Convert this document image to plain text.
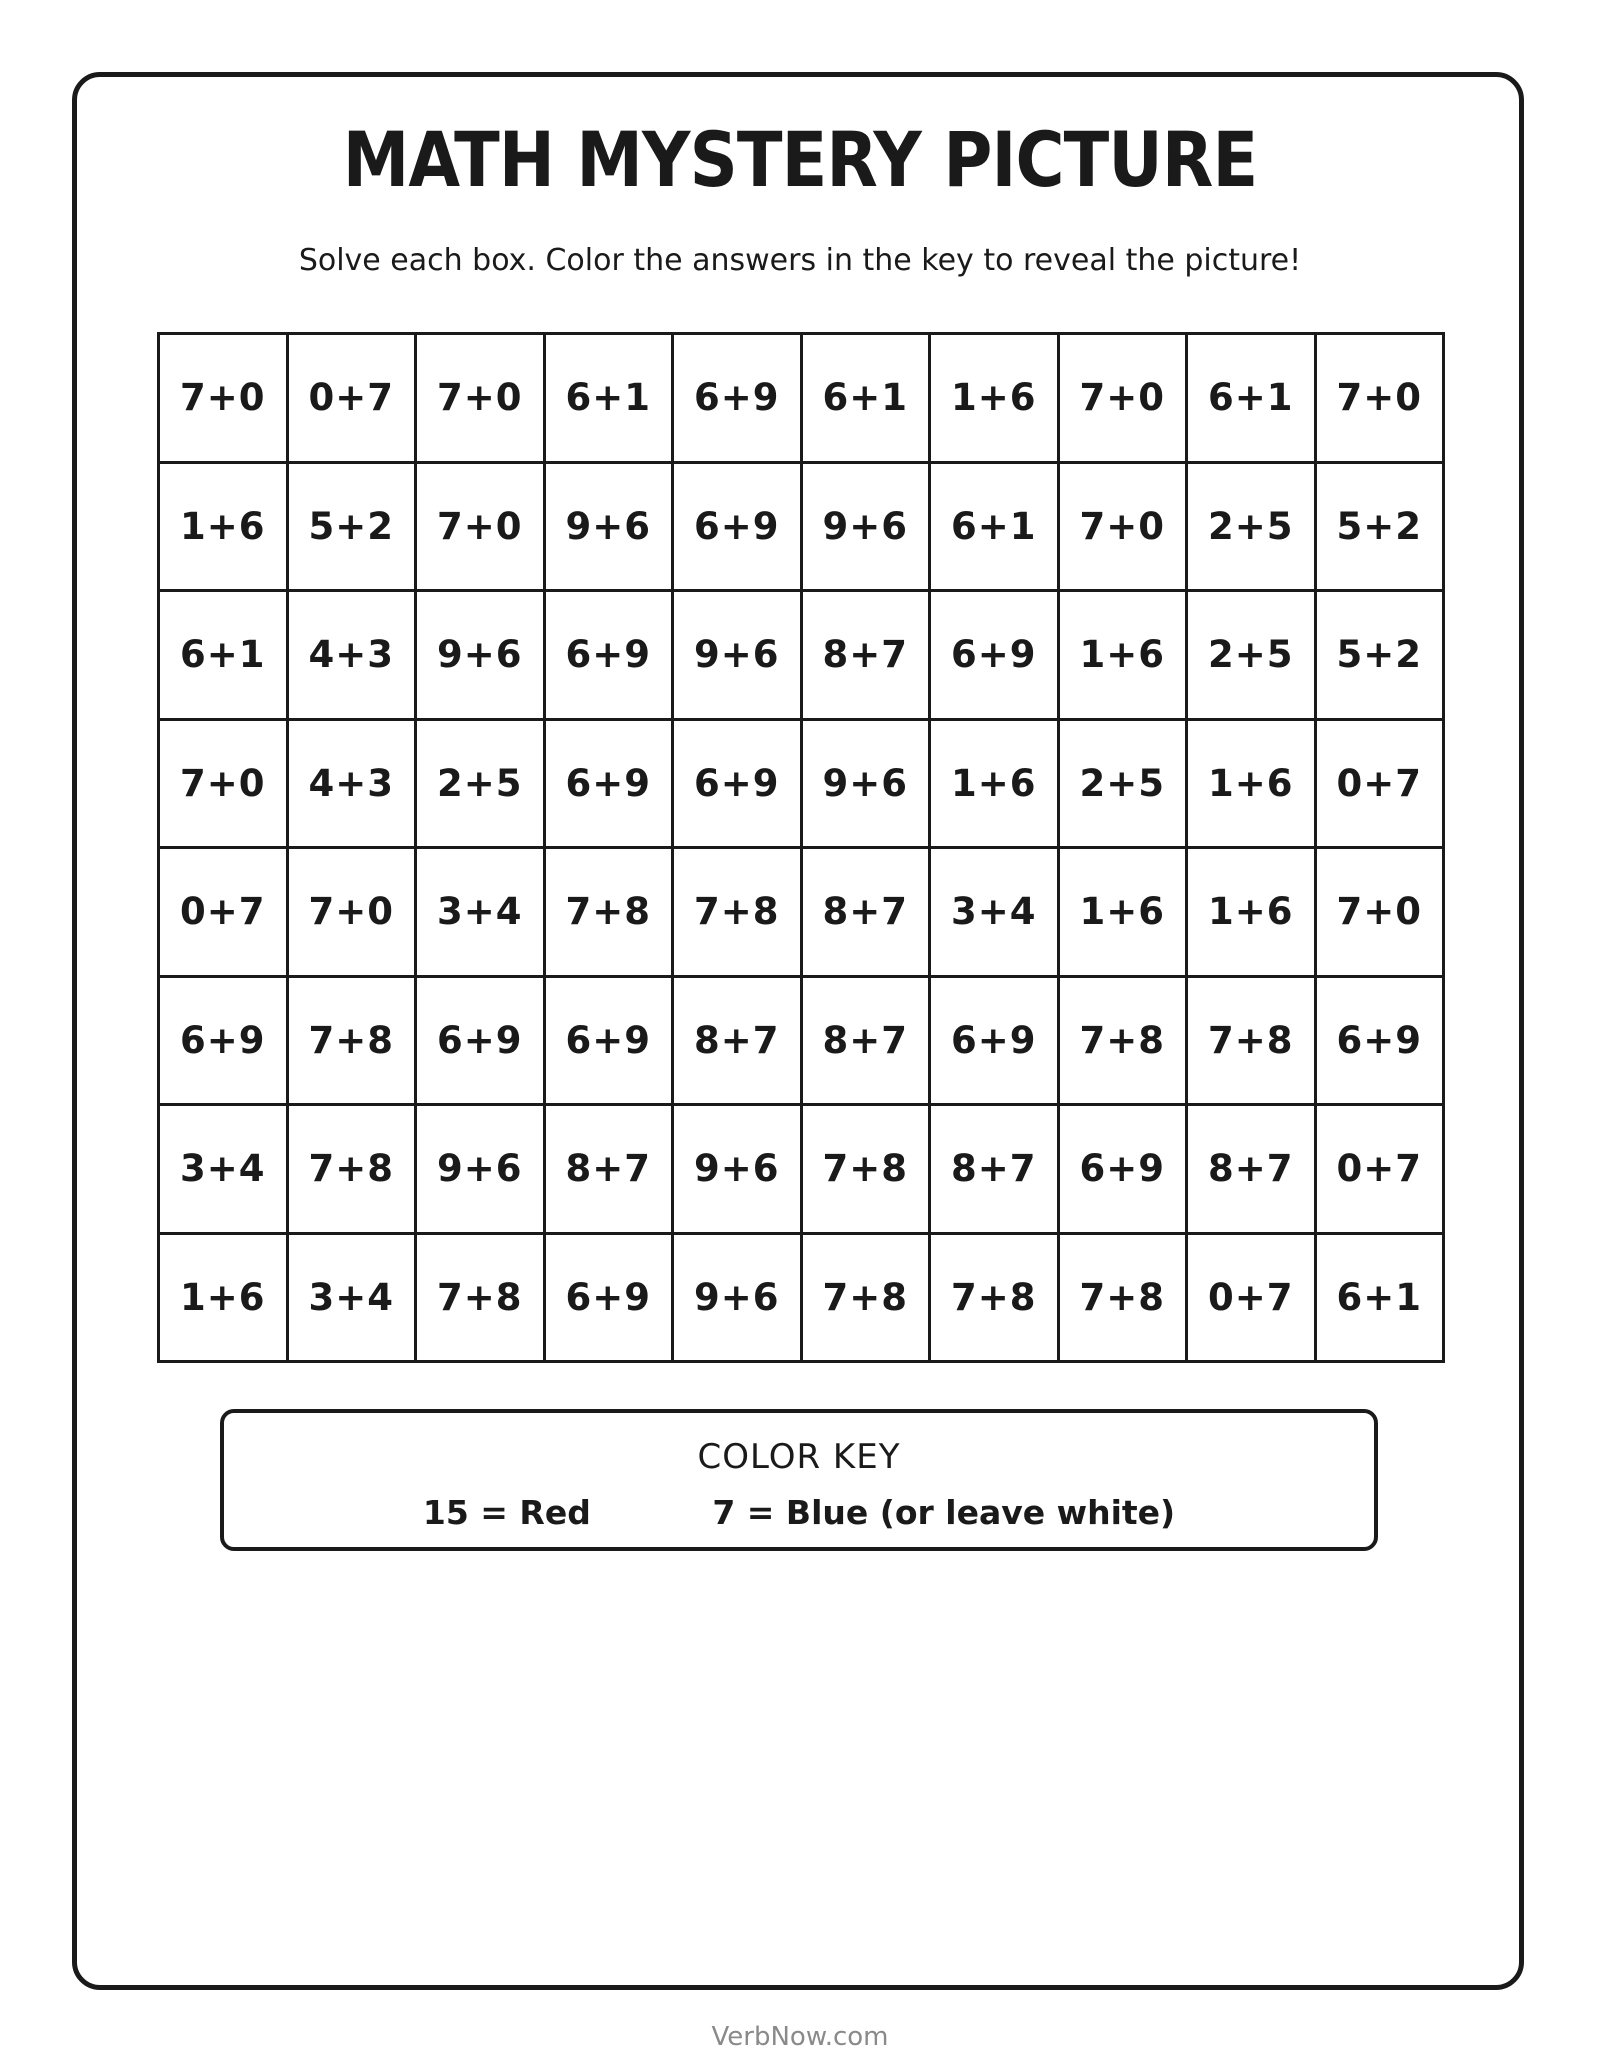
MATH MYSTERY PICTURE

Solve each box. Color the answers in the key to reveal the picture!

7+0	0+7	7+0	6+1	6+9	6+1	1+6	7+0	6+1	7+0
1+6	5+2	7+0	9+6	6+9	9+6	6+1	7+0	2+5	5+2
6+1	4+3	9+6	6+9	9+6	8+7	6+9	1+6	2+5	5+2
7+0	4+3	2+5	6+9	6+9	9+6	1+6	2+5	1+6	0+7
0+7	7+0	3+4	7+8	7+8	8+7	3+4	1+6	1+6	7+0
6+9	7+8	6+9	6+9	8+7	8+7	6+9	7+8	7+8	6+9
3+4	7+8	9+6	8+7	9+6	7+8	8+7	6+9	8+7	0+7
1+6	3+4	7+8	6+9	9+6	7+8	7+8	7+8	0+7	6+1
COLOR KEY
15 = Red	7 = Blue (or leave white)
VerbNow.com
